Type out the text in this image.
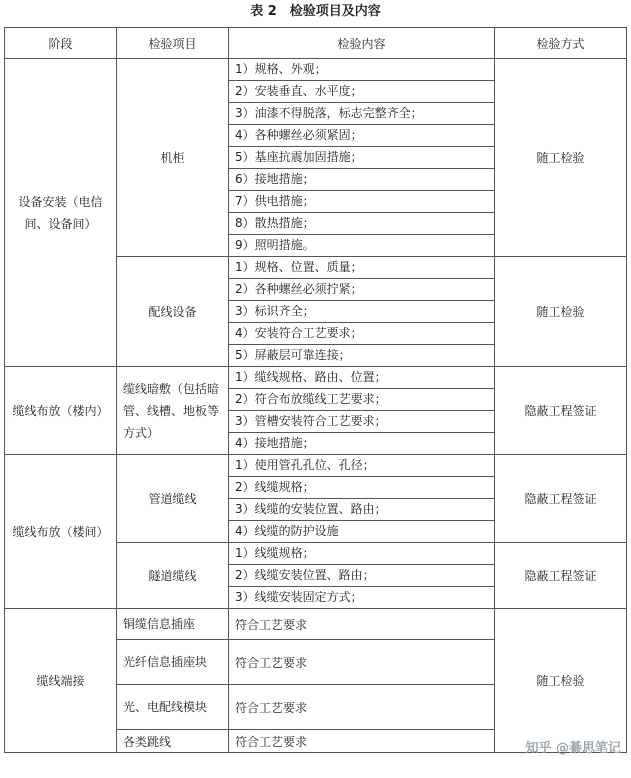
表 2　检验项目及内容
阶段	检验项目	检验内容	检验方式
设备安装（电信间、设备间）	机柜	1）规格、外观；	随工检验
		2）安装垂直、水平度；	
		3）油漆不得脱落，标志完整齐全；	
		4）各种螺丝必须紧固；	
		5）基座抗震加固措施；	
		6）接地措施；	
		7）供电措施；	
		8）散热措施；	
		9）照明措施。	
	配线设备	1）规格、位置、质量；	随工检验
		2）各种螺丝必须拧紧；	
		3）标识齐全；	
		4）安装符合工艺要求；	
		5）屏蔽层可靠连接；	
缆线布放（楼内）	缆线暗敷（包括暗管、线槽、地板等方式）	1）缆线规格、路由、位置；	隐蔽工程签证
		2）符合布放缆线工艺要求；	
		3）管槽安装符合工艺要求；	
		4）接地措施；	
缆线布放（楼间）	管道缆线	1）使用管孔孔位、孔径；	隐蔽工程签证
		2）线缆规格；	
		3）线缆的安装位置、路由；	
		4）线缆的防护设施	
	隧道缆线	1）线缆规格；	隐蔽工程签证
		2）线缆安装位置、路由；	
		3）线缆安装固定方式；	
缆线端接	铜缆信息插座	符合工艺要求	随工检验
	光纤信息插座块	符合工艺要求	
	光、电配线模块	符合工艺要求	
	各类跳线	符合工艺要求		知乎 @綦思笔记
